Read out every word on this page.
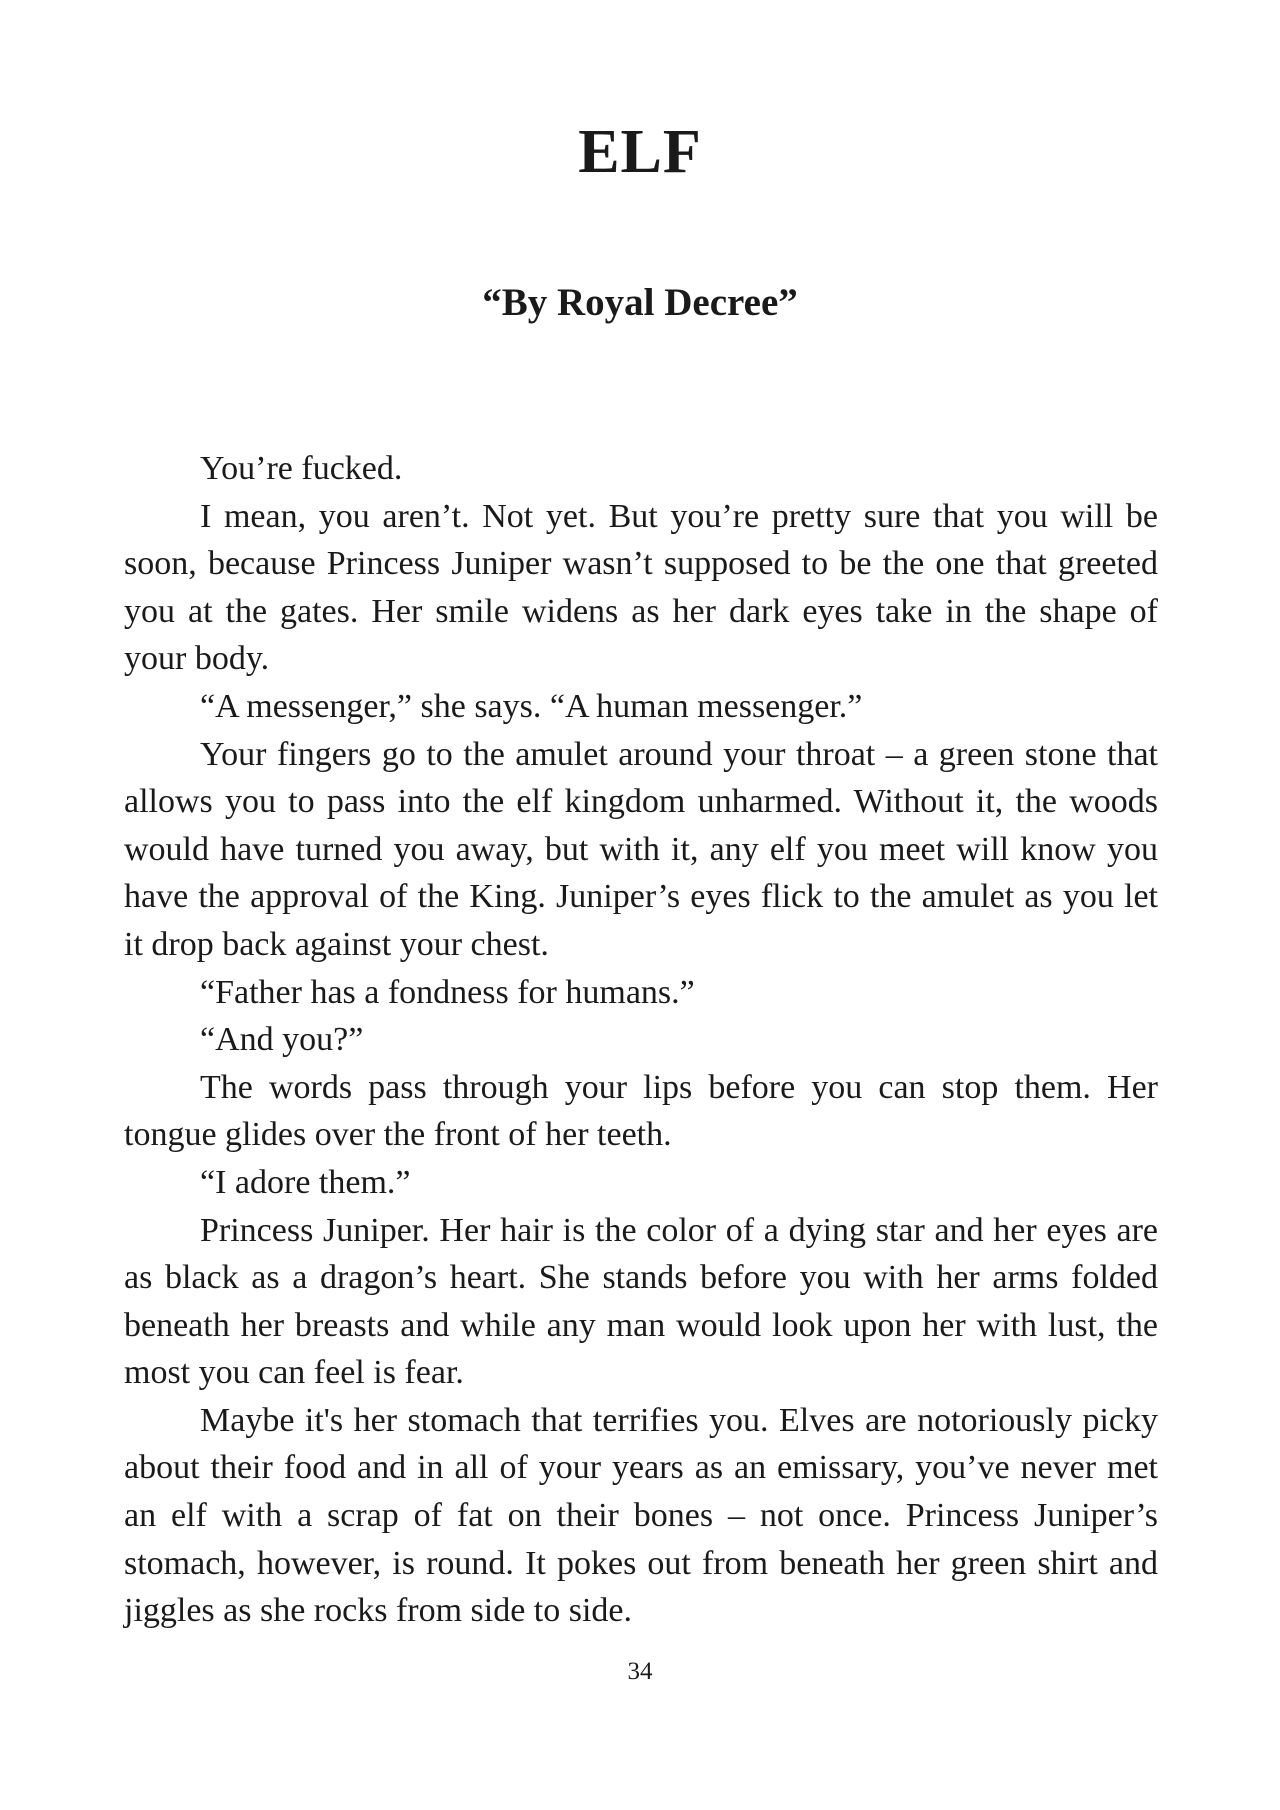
ELF
“By Royal Decree”

You’re fucked.

I mean, you aren’t. Not yet. But you’re pretty sure that you will be soon, because Princess Juniper wasn’t supposed to be the one that greeted you at the gates. Her smile widens as her dark eyes take in the shape of your body.

“A messenger,” she says. “A human messenger.”

Your fingers go to the amulet around your throat – a green stone that allows you to pass into the elf kingdom unharmed. Without it, the woods would have turned you away, but with it, any elf you meet will know you have the approval of the King. Juniper’s eyes flick to the amulet as you let it drop back against your chest.

“Father has a fondness for humans.”

“And you?”

The words pass through your lips before you can stop them. Her tongue glides over the front of her teeth.

“I adore them.”

Princess Juniper. Her hair is the color of a dying star and her eyes are as black as a dragon’s heart. She stands before you with her arms folded beneath her breasts and while any man would look upon her with lust, the most you can feel is fear.

Maybe it's her stomach that terrifies you. Elves are notoriously picky about their food and in all of your years as an emissary, you’ve never met an elf with a scrap of fat on their bones – not once. Princess Juniper’s stomach, however, is round. It pokes out from beneath her green shirt and jiggles as she rocks from side to side.

34
